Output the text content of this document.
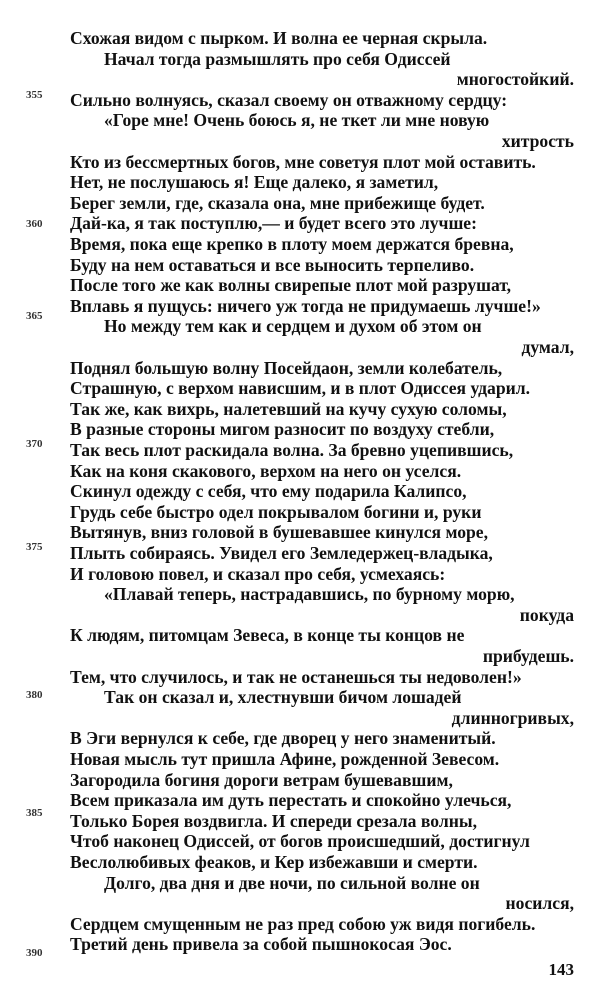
143
Схожая видом с пырком. И волна ее черная скрыла.
Начал тогда размышлять про себя Одиссей
многостойкий.
Сильно волнуясь, сказал своему он отважному сердцу:
«Горе мне! Очень боюсь я, не ткет ли мне новую
хитрость
Кто из бессмертных богов, мне советуя плот мой оставить.
Нет, не послушаюсь я! Еще далеко, я заметил,
Берег земли, где, сказала она, мне прибежище будет.
Дай-ка, я так поступлю,— и будет всего это лучше:
Время, пока еще крепко в плоту моем держатся бревна,
Буду на нем оставаться и все выносить терпеливо.
После того же как волны свирепые плот мой разрушат,
Вплавь я пущусь: ничего уж тогда не придумаешь лучше!»
Но между тем как и сердцем и духом об этом он
думал,
Поднял большую волну Посейдаон, земли колебатель,
Страшную, с верхом нависшим, и в плот Одиссея ударил.
Так же, как вихрь, налетевший на кучу сухую соломы,
В разные стороны мигом разносит по воздуху стебли,
Так весь плот раскидала волна. За бревно уцепившись,
Как на коня скакового, верхом на него он уселся.
Скинул одежду с себя, что ему подарила Калипсо,
Грудь себе быстро одел покрывалом богини и, руки
Вытянув, вниз головой в бушевавшее кинулся море,
Плыть собираясь. Увидел его Земледержец-владыка,
И головою повел, и сказал про себя, усмехаясь:
«Плавай теперь, настрадавшись, по бурному морю,
покуда
К людям, питомцам Зевеса, в конце ты концов не
прибудешь.
Тем, что случилось, и так не останешься ты недоволен!»
Так он сказал и, хлестнувши бичом лошадей
длинногривых,
В Эги вернулся к себе, где дворец у него знаменитый.
Новая мысль тут пришла Афине, рожденной Зевесом.
Загородила богиня дороги ветрам бушевавшим,
Всем приказала им дуть перестать и спокойно улечься,
Только Борея воздвигла. И спереди срезала волны,
Чтоб наконец Одиссей, от богов происшедший, достигнул
Веслолюбивых феаков, и Кер избежавши и смерти.
Долго, два дня и две ночи, по сильной волне он
носился,
Сердцем смущенным не раз пред собою уж видя погибель.
Третий день привела за собой пышнокосая Эос.
355
360
365
370
375
380
385
390
